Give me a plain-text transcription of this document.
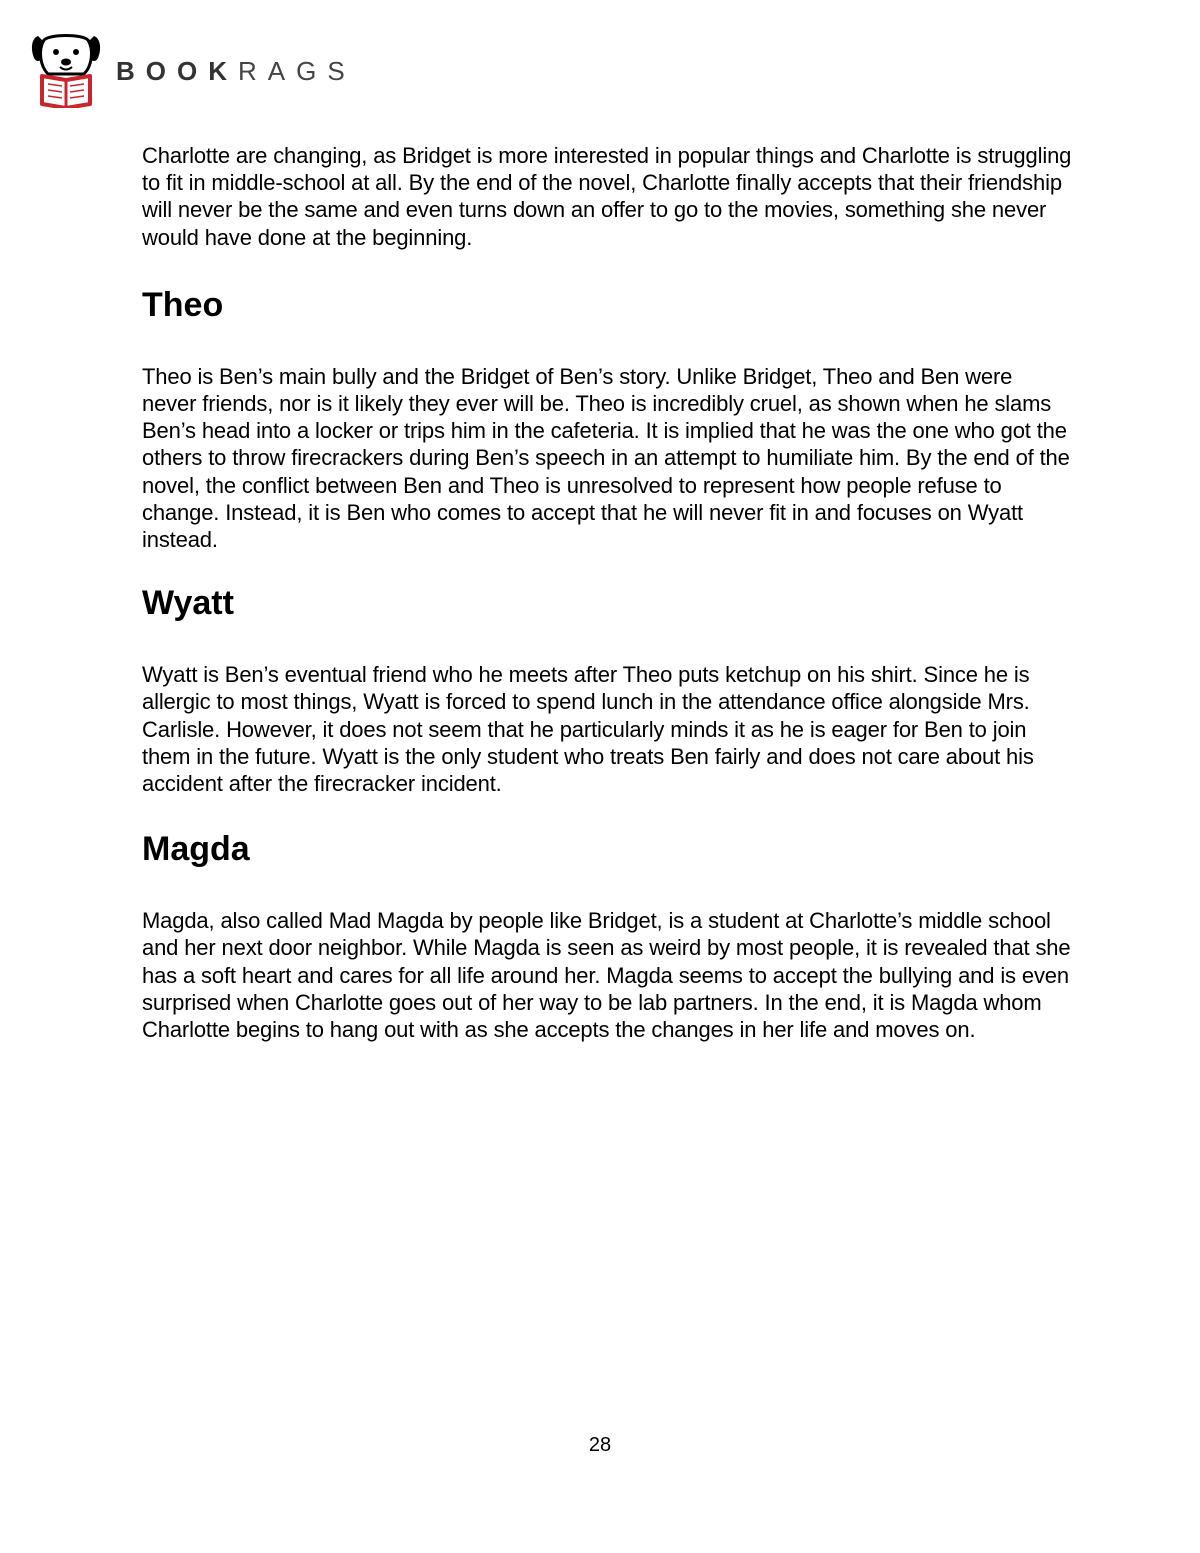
BOOKRAGS

Charlotte are changing, as Bridget is more interested in popular things and Charlotte is struggling to fit in middle-school at all. By the end of the novel, Charlotte finally accepts that their friendship will never be the same and even turns down an offer to go to the movies, something she never would have done at the beginning.

Theo

Theo is Ben’s main bully and the Bridget of Ben’s story. Unlike Bridget, Theo and Ben were never friends, nor is it likely they ever will be. Theo is incredibly cruel, as shown when he slams Ben’s head into a locker or trips him in the cafeteria. It is implied that he was the one who got the others to throw firecrackers during Ben’s speech in an attempt to humiliate him. By the end of the novel, the conflict between Ben and Theo is unresolved to represent how people refuse to change. Instead, it is Ben who comes to accept that he will never fit in and focuses on Wyatt instead.

Wyatt

Wyatt is Ben’s eventual friend who he meets after Theo puts ketchup on his shirt. Since he is allergic to most things, Wyatt is forced to spend lunch in the attendance office alongside Mrs. Carlisle. However, it does not seem that he particularly minds it as he is eager for Ben to join them in the future. Wyatt is the only student who treats Ben fairly and does not care about his accident after the firecracker incident.

Magda

Magda, also called Mad Magda by people like Bridget, is a student at Charlotte’s middle school and her next door neighbor. While Magda is seen as weird by most people, it is revealed that she has a soft heart and cares for all life around her. Magda seems to accept the bullying and is even surprised when Charlotte goes out of her way to be lab partners. In the end, it is Magda whom Charlotte begins to hang out with as she accepts the changes in her life and moves on.

28
